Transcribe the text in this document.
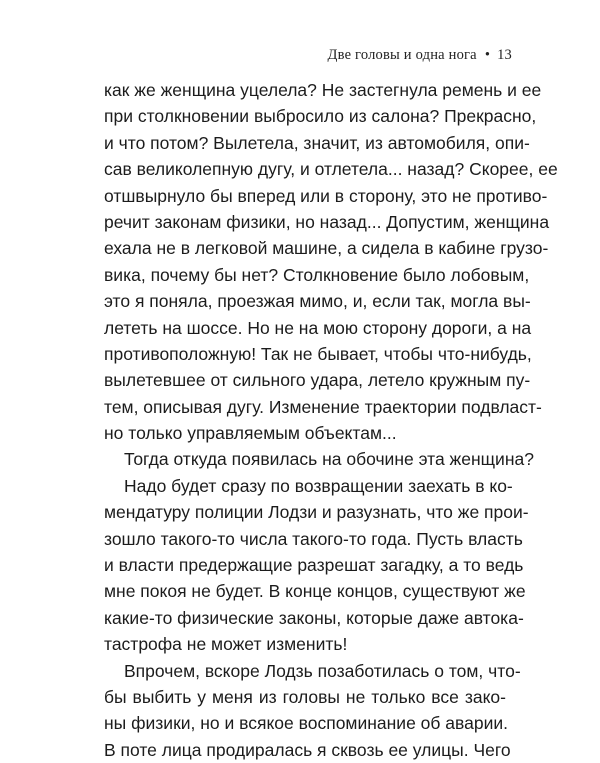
Две головы и одна нога • 13
как же женщина уцелела? Не застегнула ремень и ее
при столкновении выбросило из салона? Прекрасно,
и что потом? Вылетела, значит, из автомобиля, опи-
сав великолепную дугу, и отлетела... назад? Скорее, ее
отшвырнуло бы вперед или в сторону, это не противо-
речит законам физики, но назад... Допустим, женщина
ехала не в легковой машине, а сидела в кабине грузо-
вика, почему бы нет? Столкновение было лобовым,
это я поняла, проезжая мимо, и, если так, могла вы-
лететь на шоссе. Но не на мою сторону дороги, а на
противоположную! Так не бывает, чтобы что-нибудь,
вылетевшее от сильного удара, летело кружным пу-
тем, описывая дугу. Изменение траектории подвласт-
но только управляемым объектам...
Тогда откуда появилась на обочине эта женщина?
Надо будет сразу по возвращении заехать в ко-
мендатуру полиции Лодзи и разузнать, что же прои-
зошло такого-то числа такого-то года. Пусть власть
и власти предержащие разрешат загадку, а то ведь
мне покоя не будет. В конце концов, существуют же
какие-то физические законы, которые даже автока-
тастрофа не может изменить!
Впрочем, вскоре Лодзь позаботилась о том, что-
бы выбить у меня из головы не только все зако-
ны физики, но и всякое воспоминание об аварии.
В поте лица продиралась я сквозь ее улицы. Чего
